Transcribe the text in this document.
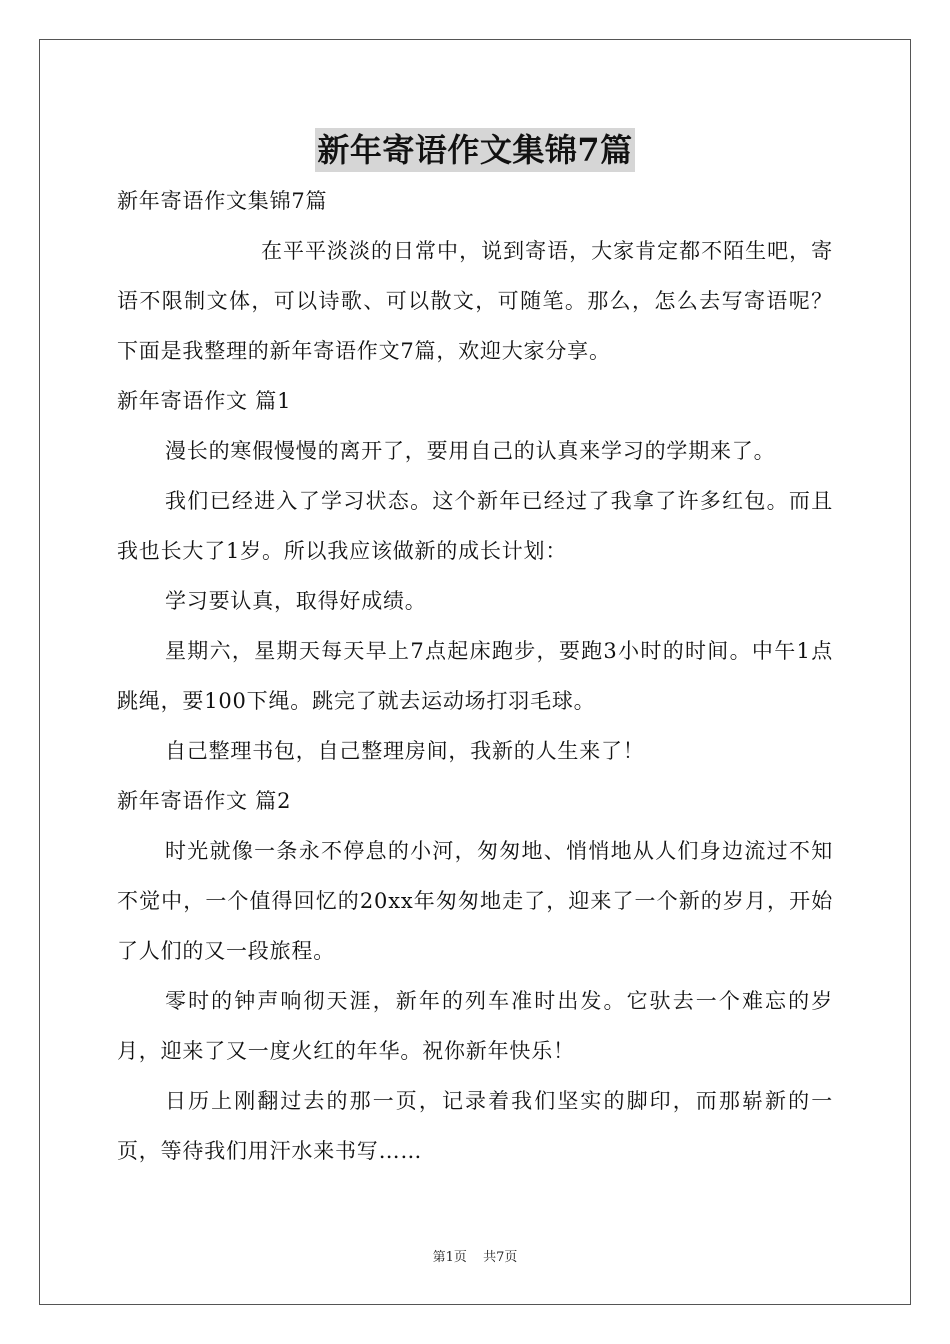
新年寄语作文集锦7篇

新年寄语作文集锦7篇

在平平淡淡的日常中，说到寄语，大家肯定都不陌生吧，寄语不限制文体，可以诗歌、可以散文，可随笔。那么，怎么去写寄语呢？下面是我整理的新年寄语作文7篇，欢迎大家分享。

新年寄语作文 篇1

漫长的寒假慢慢的离开了，要用自己的认真来学习的学期来了。

我们已经进入了学习状态。这个新年已经过了我拿了许多红包。而且我也长大了1岁。所以我应该做新的成长计划：

学习要认真，取得好成绩。

星期六，星期天每天早上7点起床跑步，要跑3小时的时间。中午1点跳绳，要100下绳。跳完了就去运动场打羽毛球。

自己整理书包，自己整理房间，我新的人生来了！

新年寄语作文 篇2

时光就像一条永不停息的小河，匆匆地、悄悄地从人们身边流过不知不觉中，一个值得回忆的20xx年匆匆地走了，迎来了一个新的岁月，开始了人们的又一段旅程。

零时的钟声响彻天涯，新年的列车准时出发。它驮去一个难忘的岁月，迎来了又一度火红的年华。祝你新年快乐！

日历上刚翻过去的那一页，记录着我们坚实的脚印，而那崭新的一页，等待我们用汗水来书写……

第1页 共7页
